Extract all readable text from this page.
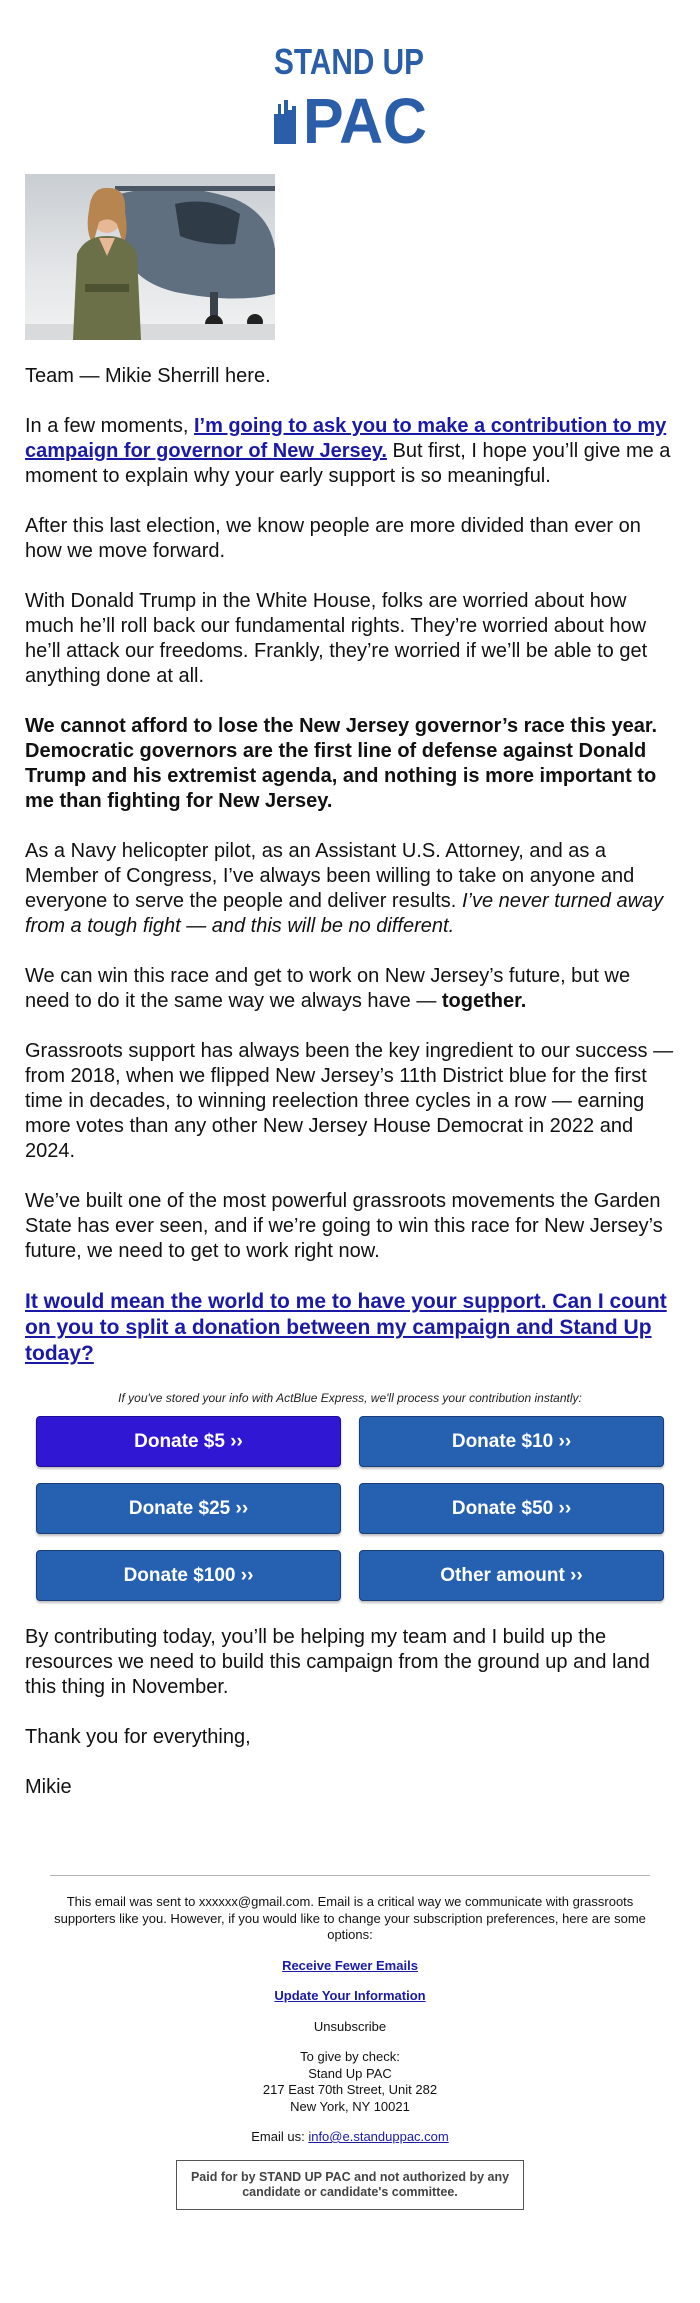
STAND UP
PAC

Team — Mikie Sherrill here.

In a few moments, I’m going to ask you to make a contribution to my campaign for governor of New Jersey. But first, I hope you’ll give me a moment to explain why your early support is so meaningful.

After this last election, we know people are more divided than ever on how we move forward.

With Donald Trump in the White House, folks are worried about how much he’ll roll back our fundamental rights. They’re worried about how he’ll attack our freedoms. Frankly, they’re worried if we’ll be able to get anything done at all.

We cannot afford to lose the New Jersey governor’s race this year. Democratic governors are the first line of defense against Donald Trump and his extremist agenda, and nothing is more important to me than fighting for New Jersey.

As a Navy helicopter pilot, as an Assistant U.S. Attorney, and as a Member of Congress, I’ve always been willing to take on anyone and everyone to serve the people and deliver results. I’ve never turned away from a tough fight — and this will be no different.

We can win this race and get to work on New Jersey’s future, but we need to do it the same way we always have — together.

Grassroots support has always been the key ingredient to our success — from 2018, when we flipped New Jersey’s 11th District blue for the first time in decades, to winning reelection three cycles in a row — earning more votes than any other New Jersey House Democrat in 2022 and 2024.

We’ve built one of the most powerful grassroots movements the Garden State has ever seen, and if we’re going to win this race for New Jersey’s future, we need to get to work right now.

It would mean the world to me to have your support. Can I count on you to split a donation between my campaign and Stand Up today?

If you've stored your info with ActBlue Express, we'll process your contribution instantly:
Donate $5 ››	Donate $10 ››
Donate $25 ››	Donate $50 ››
Donate $100 ››	Other amount ››

By contributing today, you’ll be helping my team and I build up the resources we need to build this campaign from the ground up and land this thing in November.

Thank you for everything,

Mikie

This email was sent to xxxxxx@gmail.com. Email is a critical way we communicate with grassroots supporters like you. However, if you would like to change your subscription preferences, here are some options:

Receive Fewer Emails

Update Your Information

Unsubscribe

To give by check:
Stand Up PAC
217 East 70th Street, Unit 282
New York, NY 10021

Email us: info@e.standuppac.com

Paid for by STAND UP PAC and not authorized by any candidate or candidate's committee.
